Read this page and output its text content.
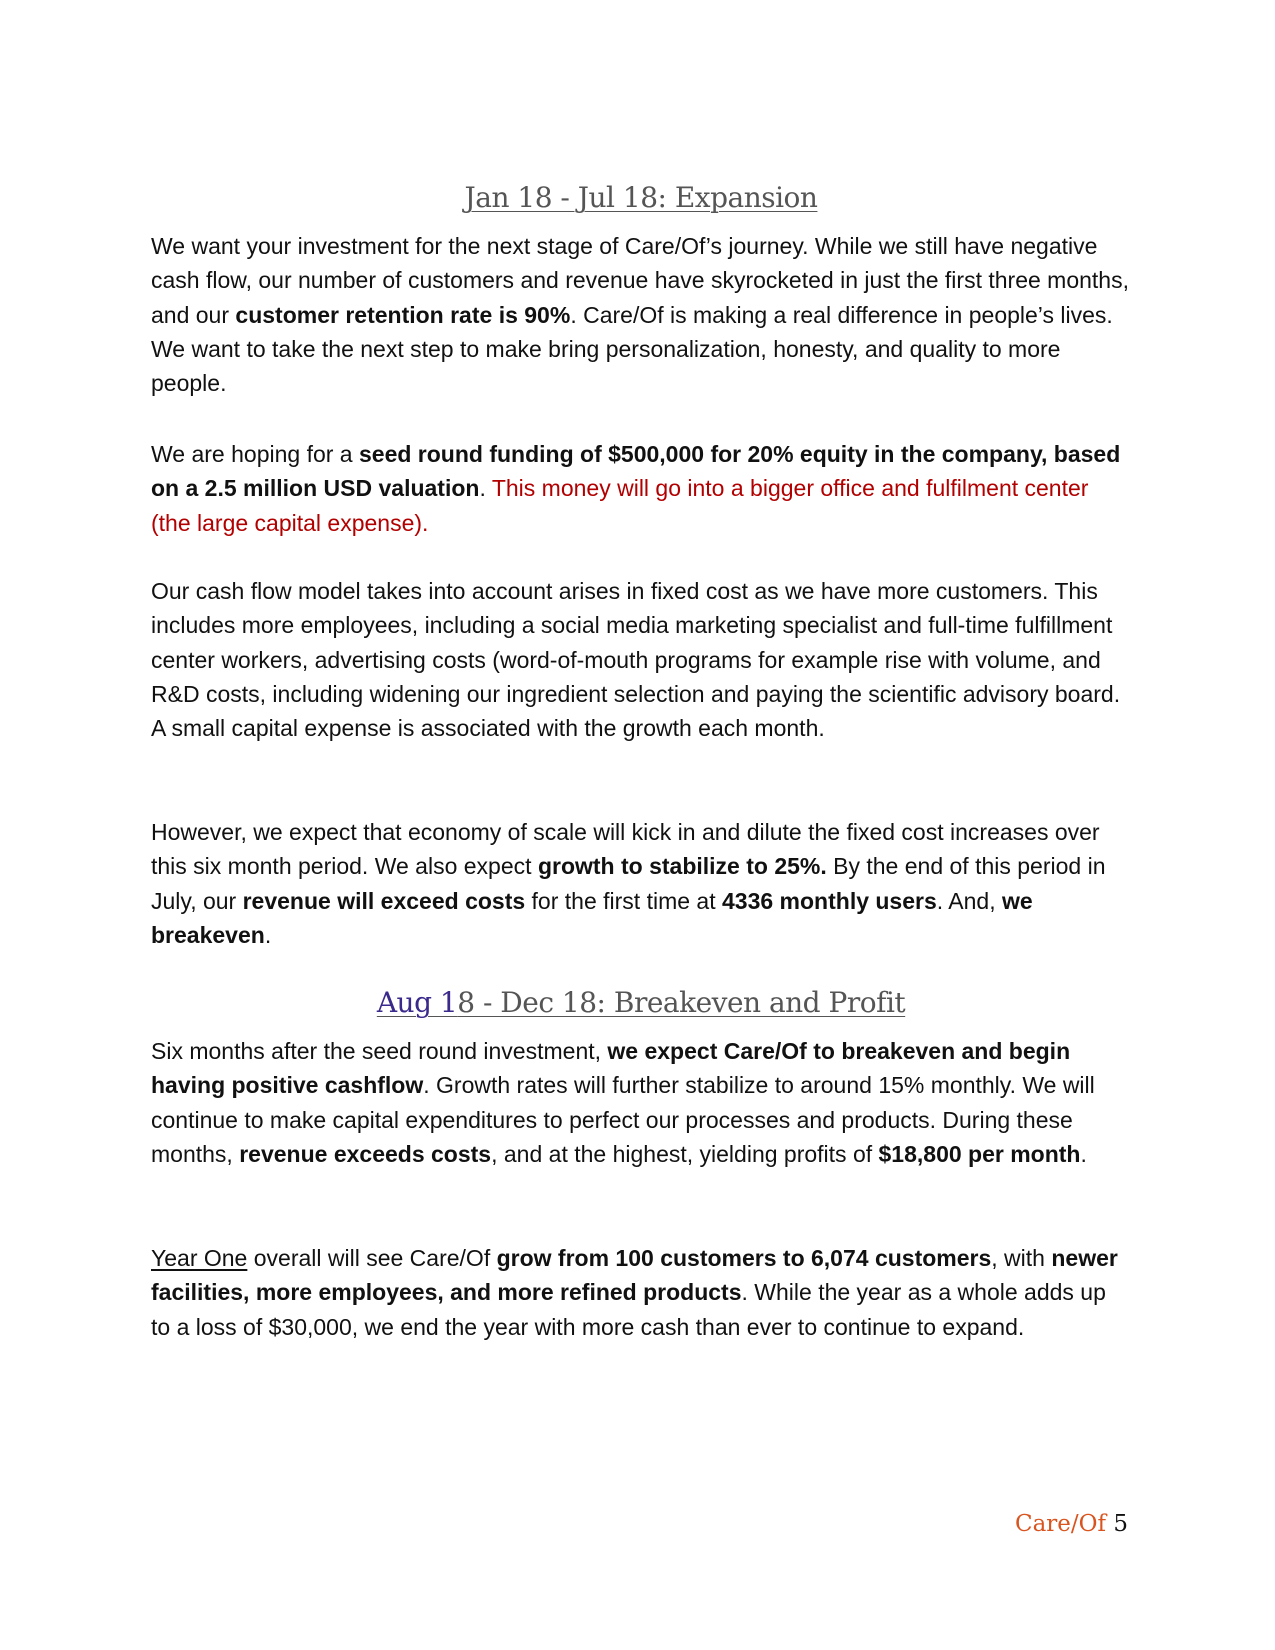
Jan 18 - Jul 18: Expansion

We want your investment for the next stage of Care/Of’s journey. While we still have negative cash flow, our number of customers and revenue have skyrocketed in just the first three months, and our customer retention rate is 90%. Care/Of is making a real difference in people’s lives. We want to take the next step to make bring personalization, honesty, and quality to more people.

We are hoping for a seed round funding of $500,000 for 20% equity in the company, based on a 2.5 million USD valuation. This money will go into a bigger office and fulfilment center (the large capital expense).

Our cash flow model takes into account arises in fixed cost as we have more customers. This includes more employees, including a social media marketing specialist and full-time fulfillment center workers, advertising costs (word-of-mouth programs for example rise with volume, and R&D costs, including widening our ingredient selection and paying the scientific advisory board. A small capital expense is associated with the growth each month.

However, we expect that economy of scale will kick in and dilute the fixed cost increases over this six month period. We also expect growth to stabilize to 25%. By the end of this period in July, our revenue will exceed costs for the first time at 4336 monthly users. And, we breakeven.

Aug 18 - Dec 18: Breakeven and Profit

Six months after the seed round investment, we expect Care/Of to breakeven and begin having positive cashflow. Growth rates will further stabilize to around 15% monthly. We will continue to make capital expenditures to perfect our processes and products. During these months, revenue exceeds costs, and at the highest, yielding profits of $18,800 per month.

Year One overall will see Care/Of grow from 100 customers to 6,074 customers, with newer facilities, more employees, and more refined products. While the year as a whole adds up to a loss of $30,000, we end the year with more cash than ever to continue to expand.

Care/Of 5
